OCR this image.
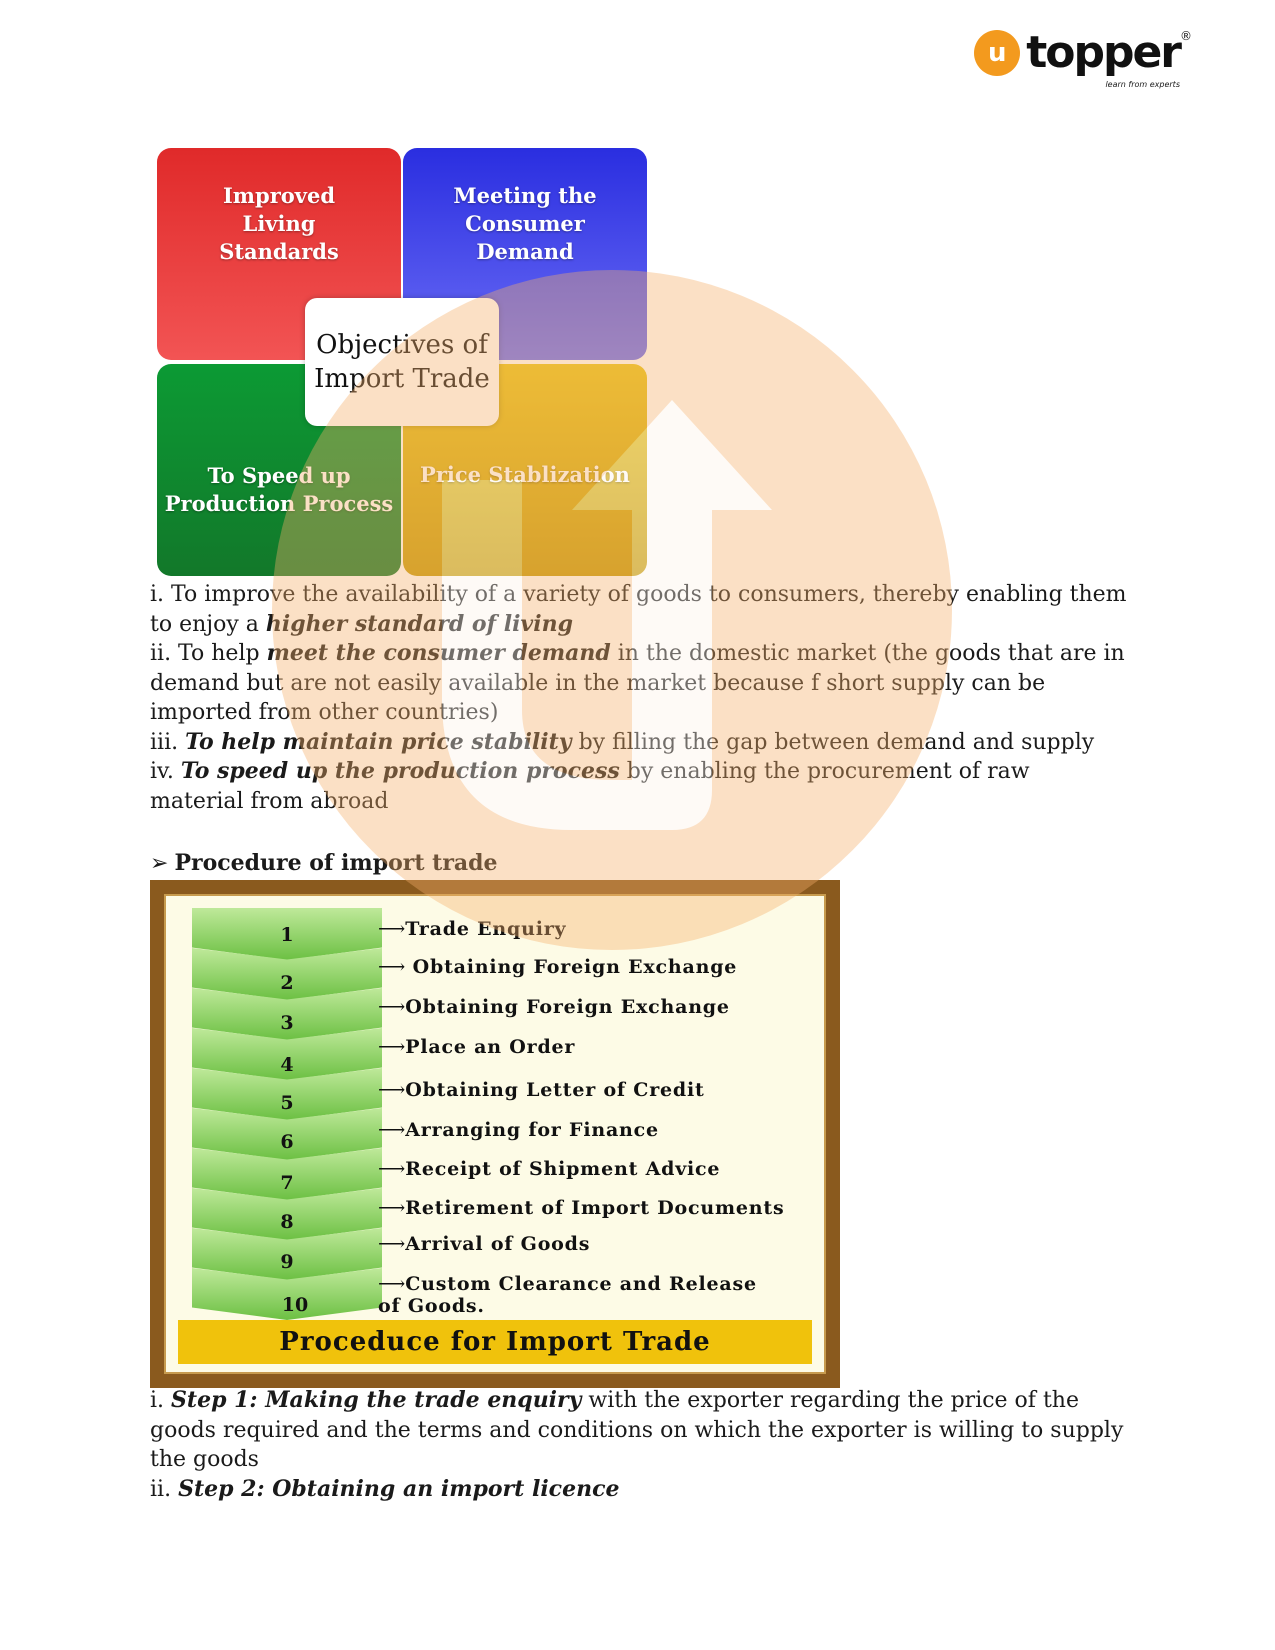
u topper ®
learn from experts
Improved
Living
Standards
Meeting the
Consumer
Demand
To Speed up
Production Process
Price Stablization
Objectives of
Import Trade

i. To improve the availability of a variety of goods to consumers, thereby enabling them to enjoy a higher standard of living

ii. To help meet the consumer demand in the domestic market (the goods that are in demand but are not easily available in the market because f short supply can be imported from other countries)

iii. To help maintain price stability by filling the gap between demand and supply

iv. To speed up the production process by enabling the procurement of raw material from abroad

➢ Procedure of import trade
1
2
3
4
5
6
7
8
9
10
⟶Trade Enquiry
⟶ Obtaining Foreign Exchange
⟶Obtaining Foreign Exchange
⟶Place an Order
⟶Obtaining Letter of Credit
⟶Arranging for Finance
⟶Receipt of Shipment Advice
⟶Retirement of Import Documents
⟶Arrival of Goods
⟶Custom Clearance and Release
of Goods.
Proceduce for Import Trade

i. Step 1: Making the trade enquiry with the exporter regarding the price of the goods required and the terms and conditions on which the exporter is willing to supply the goods

ii. Step 2: Obtaining an import licence
